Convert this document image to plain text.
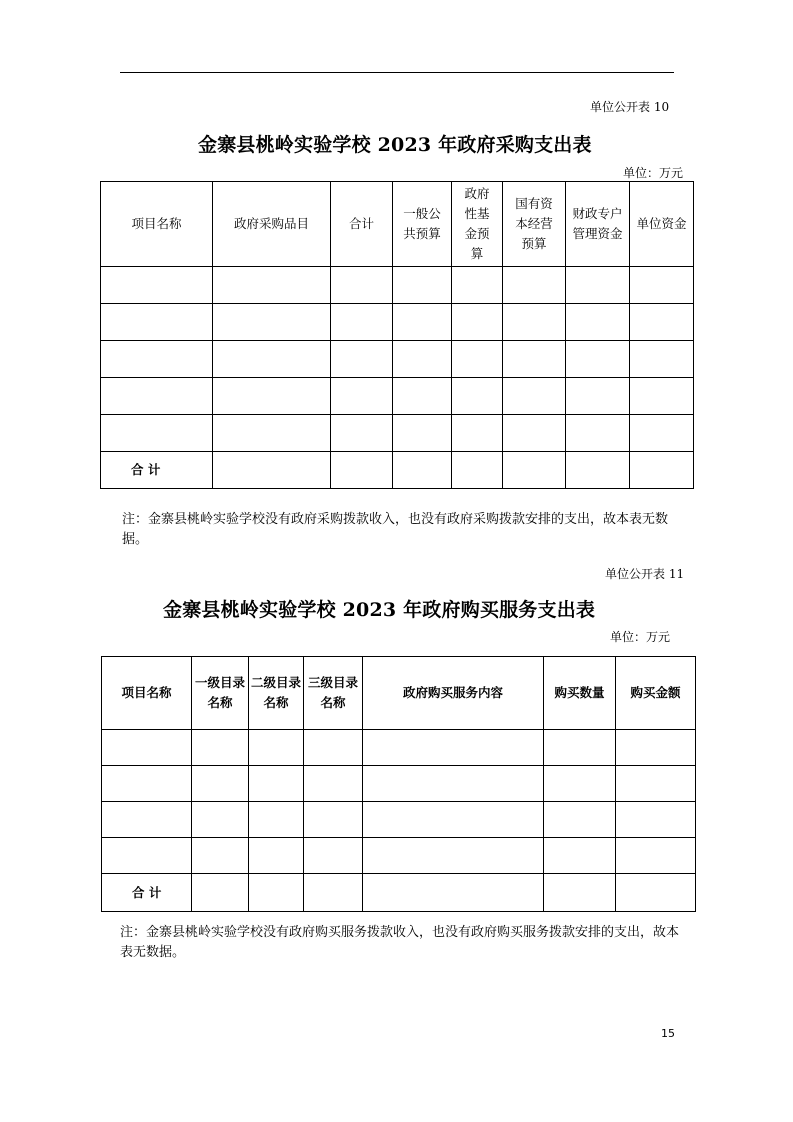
单位公开表 10
金寨县桃岭实验学校 2023 年政府采购支出表
单位：万元
项目名称	政府采购品目	合计	一般公共预算	政府性基金预算	国有资本经营预算	财政专户管理资金	单位资金

合 计							
注：金寨县桃岭实验学校没有政府采购拨款收入，也没有政府采购拨款安排的支出，故本表无数据。
单位公开表 11
金寨县桃岭实验学校 2023 年政府购买服务支出表
单位：万元
项目名称	一级目录名称	二级目录名称	三级目录名称	政府购买服务内容	购买数量	购买金额

合 计						
注：金寨县桃岭实验学校没有政府购买服务拨款收入，也没有政府购买服务拨款安排的支出，故本表无数据。
15
